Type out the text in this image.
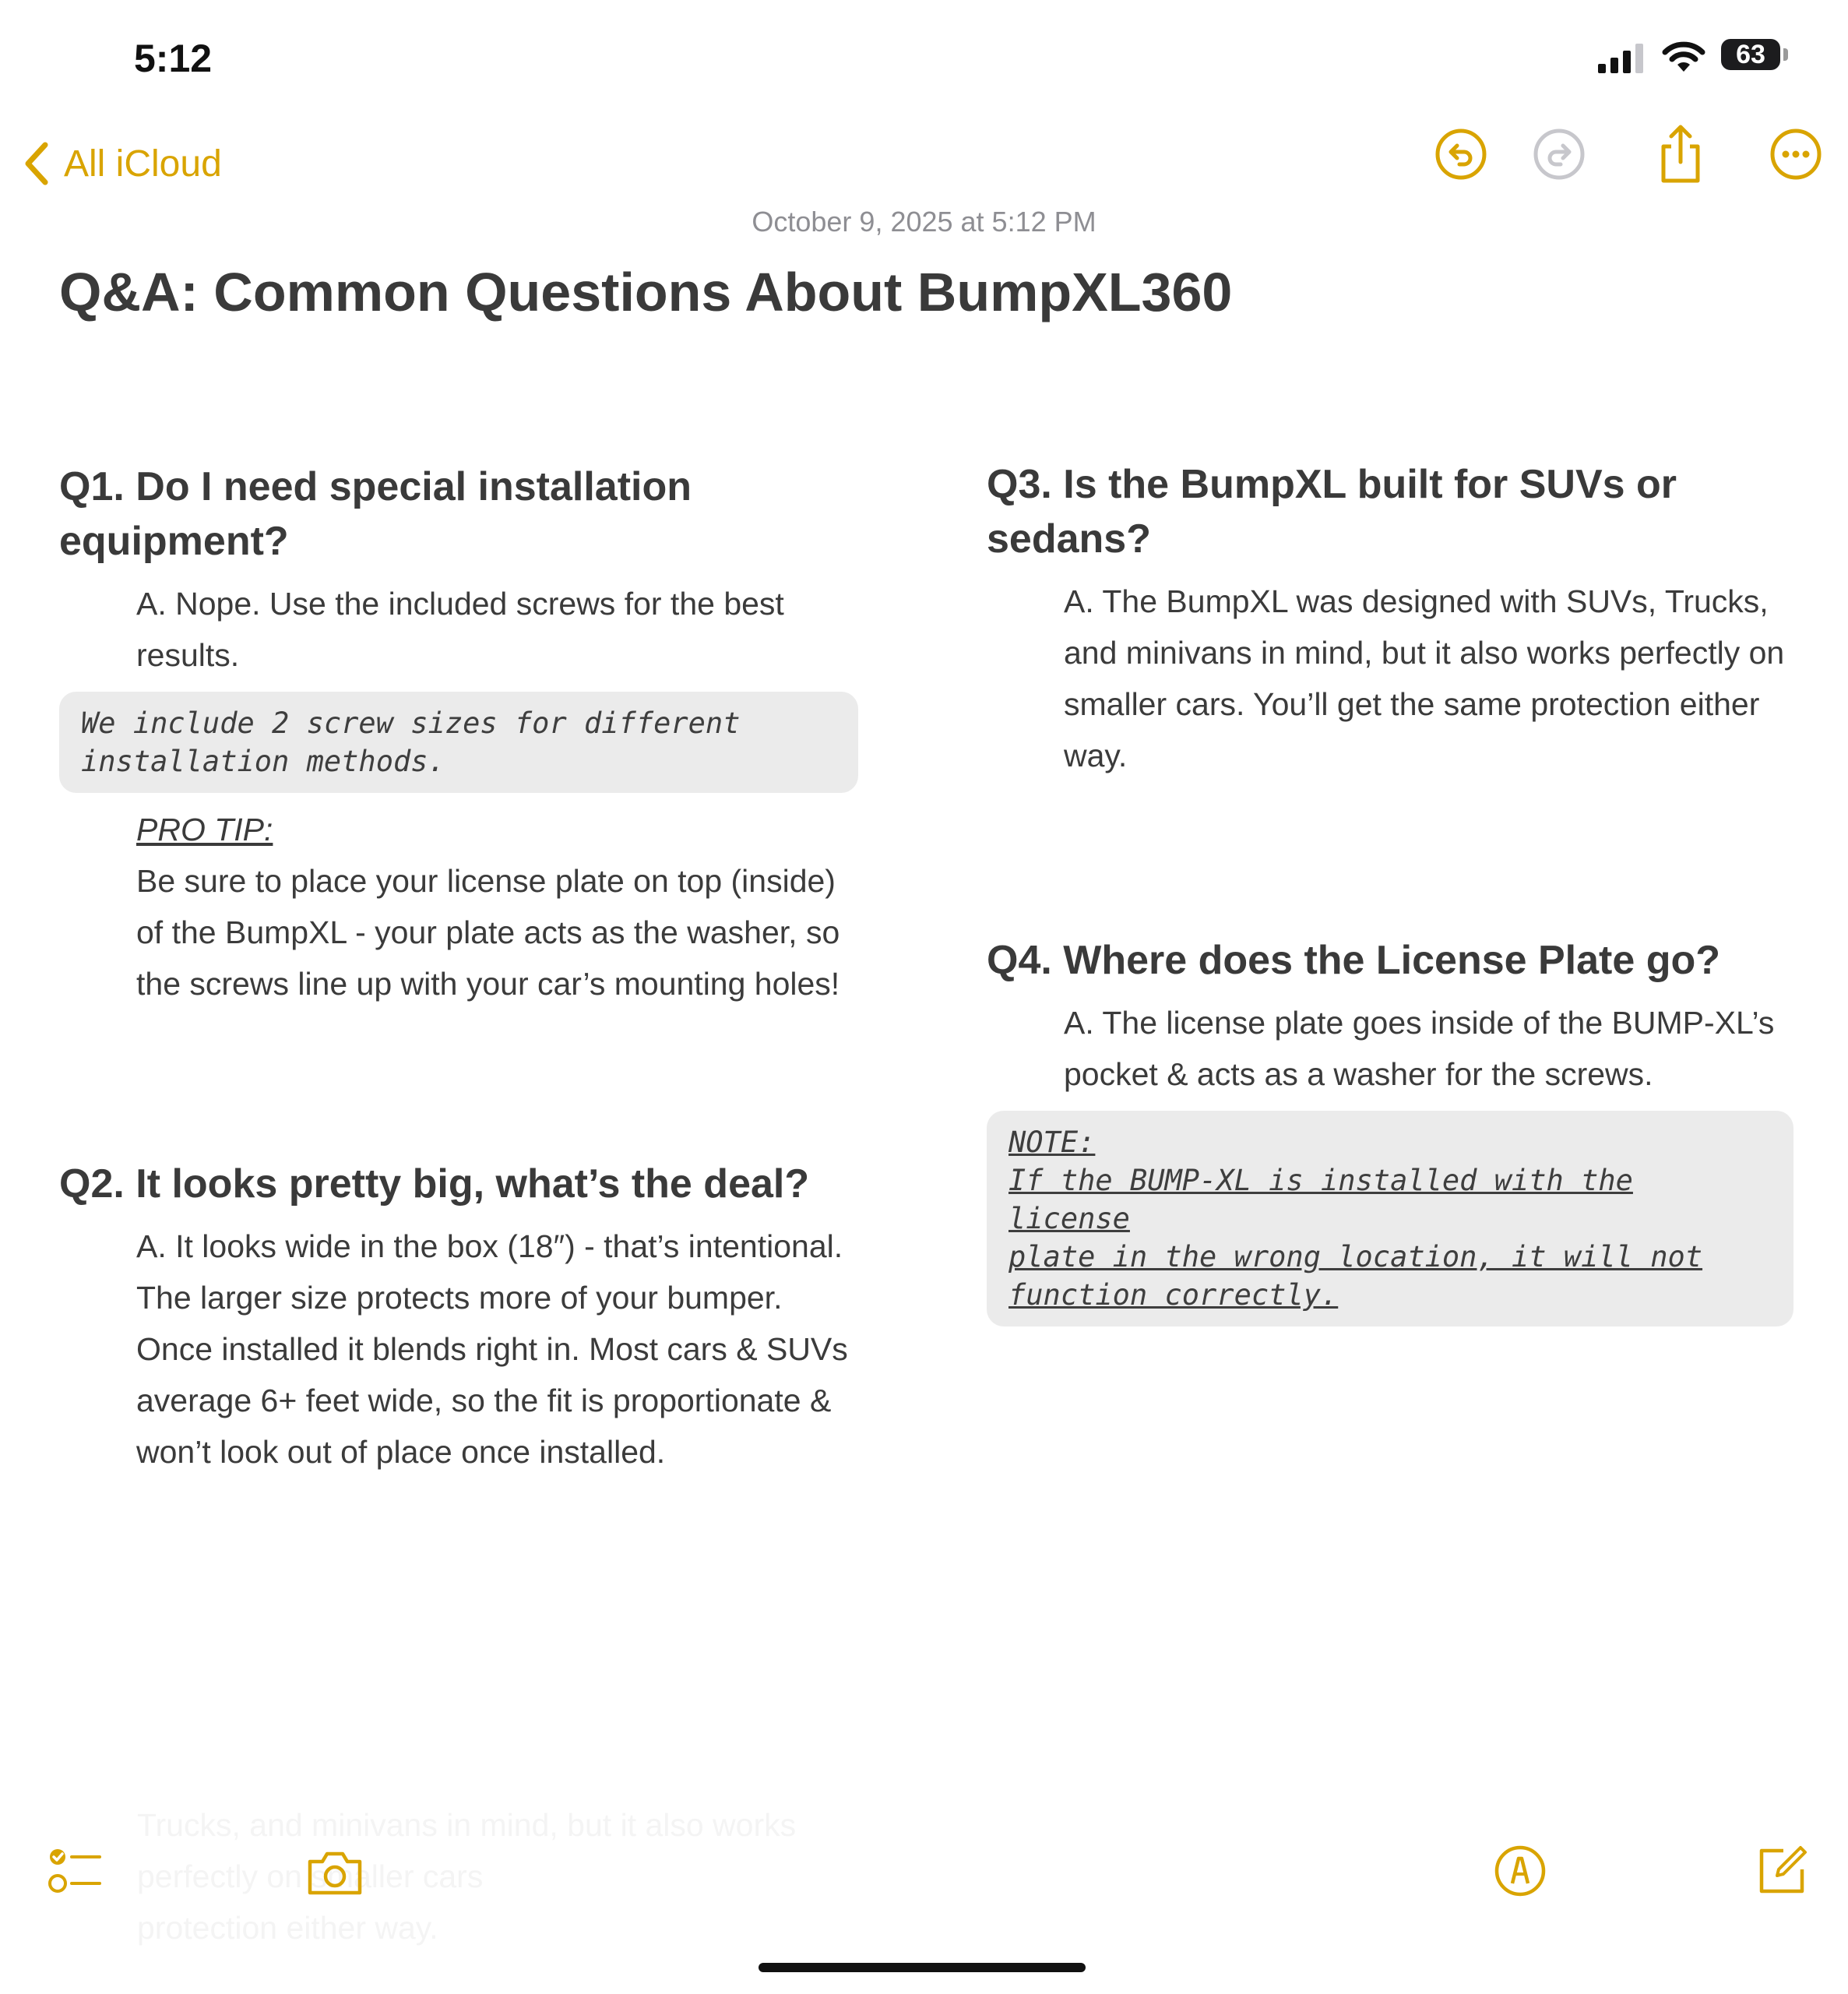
5:12	63
All iCloud
October 9, 2025 at 5:12 PM
Q&A: Common Questions About BumpXL360

Q1. Do I need special installation equipment?

A. Nope. Use the included screws for the best results.

We include 2 screw sizes for different
installation methods.

PRO TIP:

Be sure to place your license plate on top (inside) of the BumpXL - your plate acts as the washer, so the screws line up with your car’s mounting holes!

Q2. It looks pretty big, what’s the deal?

A. It looks wide in the box (18″) - that’s intentional. The larger size protects more of your bumper. Once installed it blends right in. Most cars & SUVs average 6+ feet wide, so the fit is proportionate & won’t look out of place once installed.

Q3. Is the BumpXL built for SUVs or sedans?

A. The BumpXL was designed with SUVs, Trucks, and minivans in mind, but it also works perfectly on smaller cars. You’ll get the same protection either way.

Q4. Where does the License Plate go?

A. The license plate goes inside of the BUMP-XL’s pocket & acts as a washer for the screws.

NOTE:
If the BUMP-XL is installed with the license
plate in the wrong location, it will not
function correctly.
Trucks, and minivans in mind, but it also works
perfectly on smaller cars
protection either way.
